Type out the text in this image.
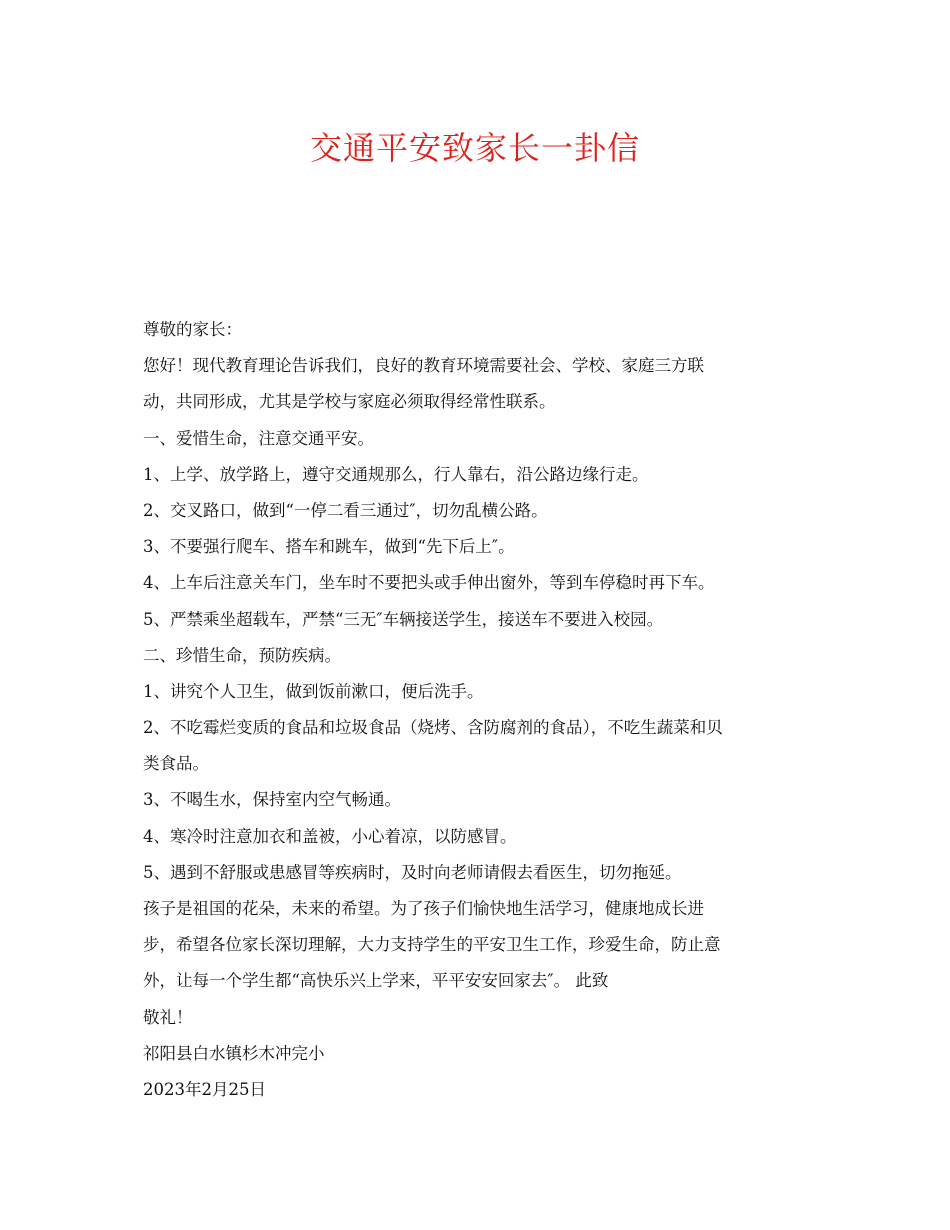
交通平安致家长一卦信
尊敬的家长：
您好！现代教育理论告诉我们，良好的教育环境需要社会、学校、家庭三方联
动，共同形成，尤其是学校与家庭必须取得经常性联系。
一、爱惜生命，注意交通平安。
1、上学、放学路上，遵守交通规那么，行人靠右，沿公路边缘行走。
2、交叉路口，做到“一停二看三通过″，切勿乱横公路。
3、不要强行爬车、搭车和跳车，做到“先下后上″。
4、上车后注意关车门，坐车时不要把头或手伸出窗外，等到车停稳时再下车。
5、严禁乘坐超载车，严禁“三无″车辆接送学生，接送车不要进入校园。
二、珍惜生命，预防疾病。
1、讲究个人卫生，做到饭前漱口，便后洗手。
2、不吃霉烂变质的食品和垃圾食品（烧烤、含防腐剂的食品），不吃生蔬菜和贝
类食品。
3、不喝生水，保持室内空气畅通。
4、寒冷时注意加衣和盖被，小心着凉，以防感冒。
5、遇到不舒服或患感冒等疾病时，及时向老师请假去看医生，切勿拖延。
孩子是祖国的花朵，未来的希望。为了孩子们愉快地生活学习，健康地成长进
步，希望各位家长深切理解，大力支持学生的平安卫生工作，珍爱生命，防止意
外，让每一个学生都“高快乐兴上学来，平平安安回家去″。 此致
敬礼！
祁阳县白水镇杉木冲完小
2023年2月25日
